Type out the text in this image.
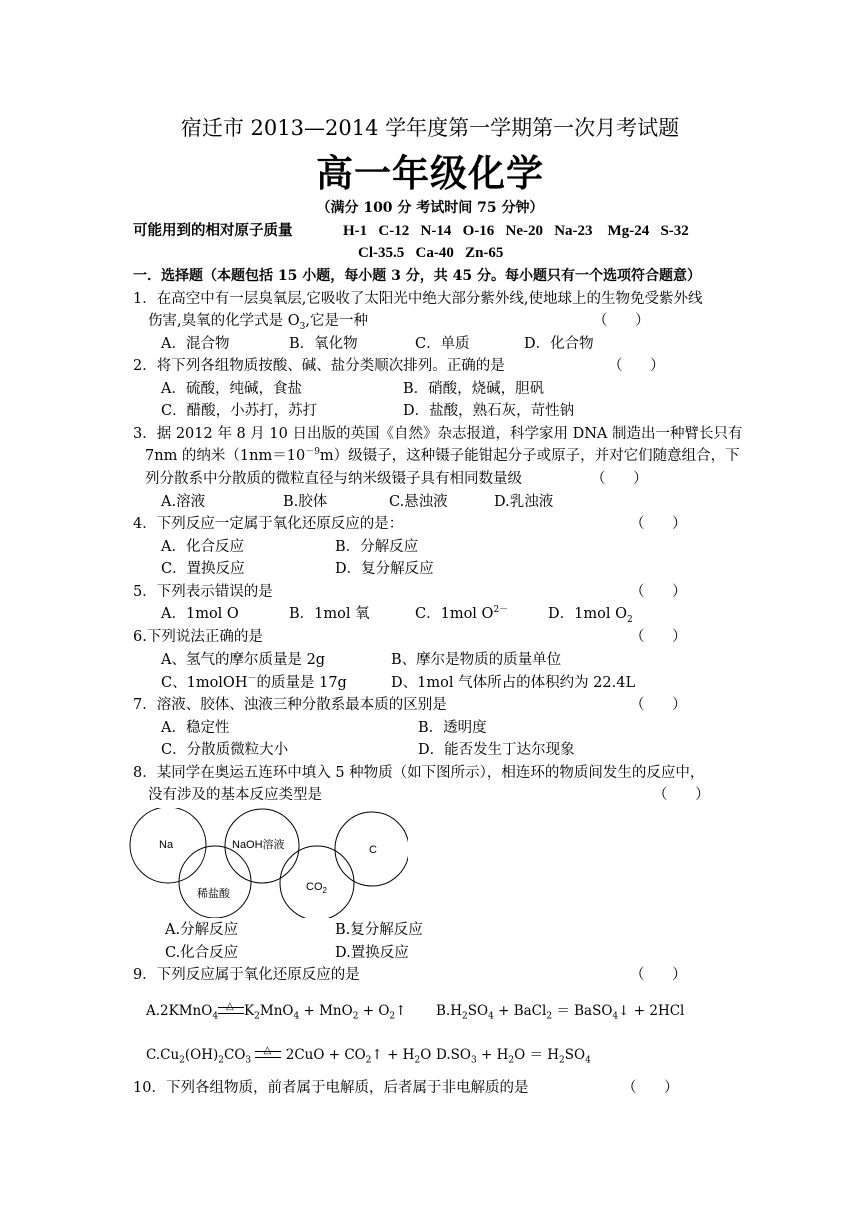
宿迁市 2013—2014 学年度第一学期第一次月考试题
高一年级化学
（满分 100 分 考试时间 75 分钟）
可能用到的相对原子质量	H-1   C-12   N-14   O-16   Ne-20   Na-23    Mg-24   S-32
Cl-35.5   Ca-40   Zn-65
一．选择题（本题包括 15 小题，每小题 3 分，共 45 分。每小题只有一个选项符合题意）
1．在高空中有一层臭氧层,它吸收了太阳光中绝大部分紫外线,使地球上的生物免受紫外线
伤害,臭氧的化学式是 $O_3$,它是一种	（      ）
A．混合物	B．氧化物	C．单质	D．化合物
2．将下列各组物质按酸、碱、盐分类顺次排列。正确的是	（      ）
A．硫酸，纯碱，食盐	B．硝酸，烧碱，胆矾
C．醋酸，小苏打，苏打	D．盐酸，熟石灰，苛性钠
3．据 2012 年 8 月 10 日出版的英国《自然》杂志报道，科学家用 DNA 制造出一种臂长只有
7nm 的纳米$(1nm=10^{-9}m)$级镊子，这种镊子能钳起分子或原子，并对它们随意组合，下
列分散系中分散质的微粒直径与纳米级镊子具有相同数量级	（      ）
A.溶液	B.胶体	C.悬浊液	D.乳浊液
4．下列反应一定属于氧化还原反应的是：	（      ）
A．化合反应	B．分解反应
C．置换反应	D．复分解反应
5．下列表示错误的是	（      ）
A．1mol O	B．1mol 氧	C．1mol $O^{2-}$	D．1mol $O_2$
6.下列说法正确的是	（      ）
A、氢气的摩尔质量是 2g	B、摩尔是物质的质量单位
C、1molOH－的质量是 17g	D、1mol 气体所占的体积约为 22.4L
7．溶液、胶体、浊液三种分散系最本质的区别是	（      ）
A．稳定性	B．透明度
C．分散质微粒大小	D．能否发生丁达尔现象
8．某同学在奥运五连环中填入 5 种物质（如下图所示），相连环的物质间发生的反应中，
没有涉及的基本反应类型是	（      ）
Na	NaOH溶液	C
稀盐酸
$CO_2$
A.分解反应	B.复分解反应
C.化合反应	D.置换反应
9．下列反应属于氧化还原反应的是	（      ）
A.2KMnO$_4$
△ $K_2MnO_4 + MnO_2$ + $O_2↑$ $B.H_2SO_4$ + BaCl$_2$ ＝ BaSO$_4$↓ + 2HCl
$C.Cu_2(OH)_2CO_3$
△ $2CuO + CO_2↑ + H_2O$ $D.SO_3 + H_2O = H_2SO_4$
10．下列各组物质，前者属于电解质，后者属于非电解质的是	（      ）
